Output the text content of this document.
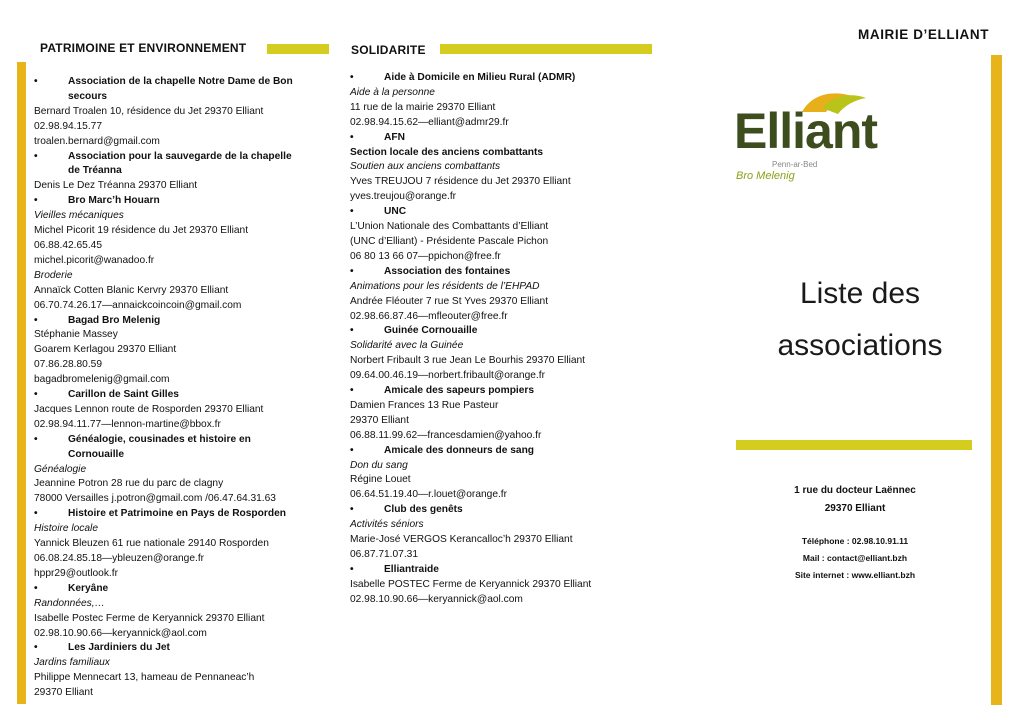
PATRIMOINE ET ENVIRONNEMENT
•	Association de la chapelle Notre Dame de Bon secours
Bernard Troalen 10, résidence du Jet 29370 Elliant
02.98.94.15.77
troalen.bernard@gmail.com
•	Association pour la sauvegarde de la chapelle de Tréanna
Denis Le Dez Tréanna 29370 Elliant
•	Bro Marc’h Houarn
Vieilles mécaniques
Michel Picorit 19 résidence du Jet 29370 Elliant
06.88.42.65.45
michel.picorit@wanadoo.fr
Broderie
Annaïck Cotten Blanic Kervry 29370 Elliant
06.70.74.26.17—annaickcoincoin@gmail.com
•	Bagad Bro Melenig
Stéphanie Massey
Goarem Kerlagou 29370 Elliant
07.86.28.80.59
bagadbromelenig@gmail.com
•	Carillon de Saint Gilles
Jacques Lennon route de Rosporden 29370 Elliant
02.98.94.11.77—lennon-martine@bbox.fr
•	Généalogie, cousinades et histoire en Cornouaille
Généalogie
Jeannine Potron 28 rue du parc de clagny
78000 Versailles j.potron@gmail.com /06.47.64.31.63
•	Histoire et Patrimoine en Pays de Rosporden
Histoire locale
Yannick Bleuzen 61 rue nationale 29140 Rosporden
06.08.24.85.18—ybleuzen@orange.fr
hppr29@outlook.fr
•	Keryâne
Randonnées,…
Isabelle Postec Ferme de Keryannick 29370 Elliant
02.98.10.90.66—keryannick@aol.com
•	Les Jardiniers du Jet
Jardins familiaux
Philippe Mennecart 13, hameau de Pennaneac’h
29370 Elliant
SOLIDARITE
•	Aide à Domicile en Milieu Rural (ADMR)
Aide à la personne
11 rue de la mairie 29370 Elliant
02.98.94.15.62—elliant@admr29.fr
•	AFN
Section locale des anciens combattants
Soutien aux anciens combattants
Yves TREUJOU 7 résidence du Jet 29370 Elliant
yves.treujou@orange.fr
•	UNC
L’Union Nationale des Combattants d’Elliant
(UNC d’Elliant) - Présidente Pascale Pichon
06 80 13 66 07—ppichon@free.fr
•	Association des fontaines
Animations pour les résidents de l’EHPAD
Andrée Fléouter 7 rue St Yves 29370 Elliant
02.98.66.87.46—mfleouter@free.fr
•	Guinée Cornouaille
Solidarité avec la Guinée
Norbert Fribault 3 rue Jean Le Bourhis 29370 Elliant
09.64.00.46.19—norbert.fribault@orange.fr
•	Amicale des sapeurs pompiers
Damien Frances 13 Rue Pasteur
29370 Elliant
06.88.11.99.62—francesdamien@yahoo.fr
•	Amicale des donneurs de sang
Don du sang
Régine Louet
06.64.51.19.40—r.louet@orange.fr
•	Club des genêts
Activités séniors
Marie-José VERGOS Kerancalloc’h 29370 Elliant
06.87.71.07.31
•	Elliantraide
Isabelle POSTEC Ferme de Keryannick 29370 Elliant
02.98.10.90.66—keryannick@aol.com
MAIRIE D’ELLIANT
Elliant
Penn-ar-Bed
Bro Melenig
Liste des
associations
1 rue du docteur Laënnec
29370 Elliant
Téléphone : 02.98.10.91.11
Mail : contact@elliant.bzh
Site internet : www.elliant.bzh
